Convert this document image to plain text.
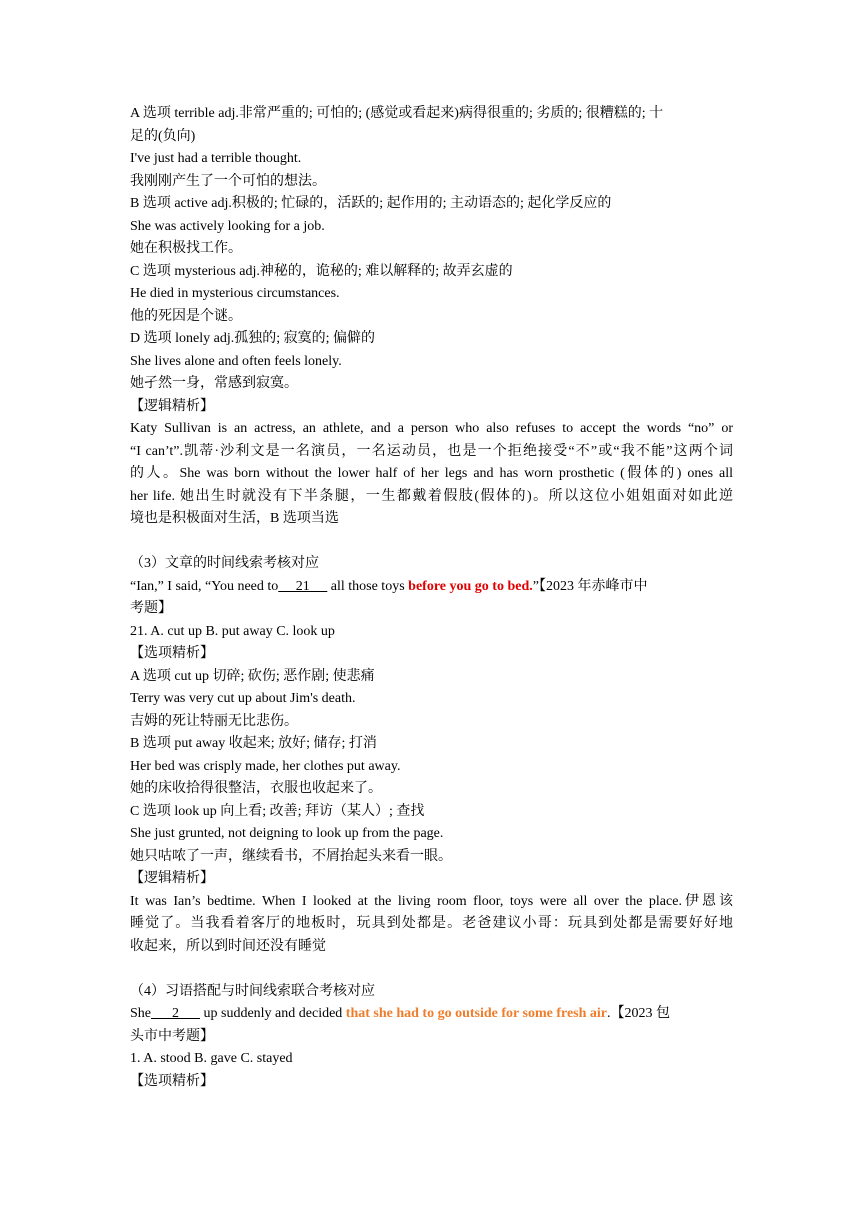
A 选项 terrible adj.非常严重的; 可怕的; (感觉或看起来)病得很重的; 劣质的; 很糟糕的; 十
足的(负向)
I've just had a terrible thought.
我刚刚产生了一个可怕的想法。
B 选项 active adj.积极的; 忙碌的，活跃的; 起作用的; 主动语态的; 起化学反应的
She was actively looking for a job.
她在积极找工作。
C 选项 mysterious adj.神秘的，诡秘的; 难以解释的; 故弄玄虚的
He died in mysterious circumstances.
他的死因是个谜。
D 选项 lonely adj.孤独的; 寂寞的; 偏僻的
She lives alone and often feels lonely.
她孑然一身，常感到寂寞。
【逻辑精析】
Katy Sullivan is an actress, an athlete, and a person who also refuses to accept the words “no” or
“I can’t”.凯蒂·沙利文是一名演员，一名运动员，也是一个拒绝接受“不”或“我不能”这两个词
的人。She was born without the lower half of her legs and has worn prosthetic (假体的) ones all
her life. 她出生时就没有下半条腿，一生都戴着假肢(假体的)。所以这位小姐姐面对如此逆
境也是积极面对生活，B 选项当选
（3）文章的时间线索考核对应
“Ian,” I said, “You need to     21      all those toys before you go to bed.”【2023 年赤峰市中
考题】
21. A. cut up B. put away C. look up
【选项精析】
A 选项 cut up 切碎; 砍伤; 恶作剧; 使悲痛
Terry was very cut up about Jim's death.
吉姆的死让特丽无比悲伤。
B 选项 put away 收起来; 放好; 储存; 打消
Her bed was crisply made, her clothes put away.
她的床收拾得很整洁，衣服也收起来了。
C 选项 look up 向上看; 改善; 拜访（某人）; 查找
She just grunted, not deigning to look up from the page.
她只咕哝了一声，继续看书，不屑抬起头来看一眼。
【逻辑精析】
It was Ian’s bedtime. When I looked at the living room floor, toys were all over the place.伊恩该
睡觉了。当我看着客厅的地板时，玩具到处都是。老爸建议小哥：玩具到处都是需要好好地
收起来，所以到时间还没有睡觉
（4）习语搭配与时间线索联合考核对应
She      2       up suddenly and decided that she had to go outside for some fresh air.【2023 包
头市中考题】
1. A. stood B. gave C. stayed
【选项精析】
